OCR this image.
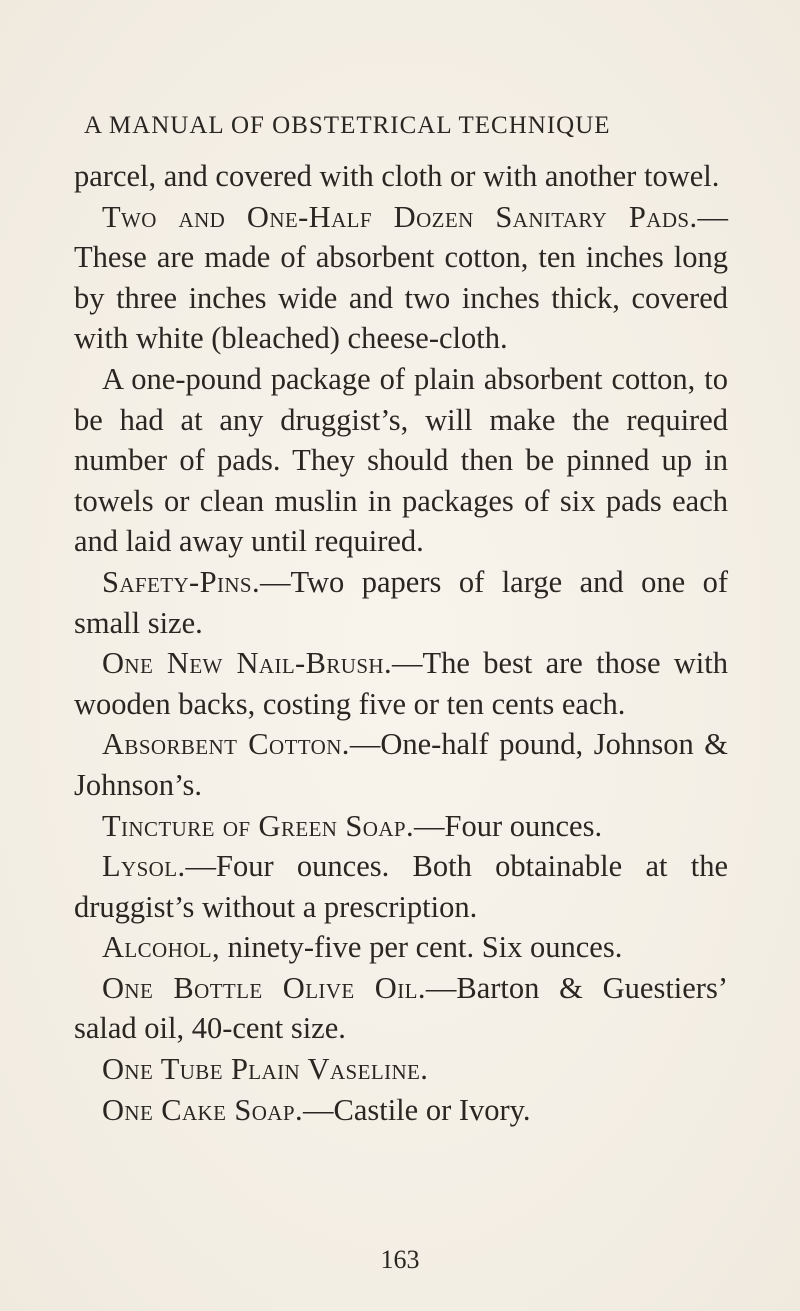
A MANUAL OF OBSTETRICAL TECHNIQUE

parcel, and covered with cloth or with another towel.

Two and One-Half Dozen Sanitary Pads.—These are made of absorbent cotton, ten inches long by three inches wide and two inches thick, covered with white (bleached) cheese-cloth.

A one-pound package of plain absorbent cotton, to be had at any druggist’s, will make the required number of pads. They should then be pinned up in towels or clean muslin in packages of six pads each and laid away until required.

Safety-Pins.—Two papers of large and one of small size.

One New Nail-Brush.—The best are those with wooden backs, costing five or ten cents each.

Absorbent Cotton.—One-half pound, Johnson & Johnson’s.

Tincture of Green Soap.—Four ounces.

Lysol.—Four ounces. Both obtainable at the druggist’s without a prescription.

Alcohol, ninety-five per cent. Six ounces.

One Bottle Olive Oil.—Barton & Guestiers’ salad oil, 40-cent size.

One Tube Plain Vaseline.

One Cake Soap.—Castile or Ivory.

163
